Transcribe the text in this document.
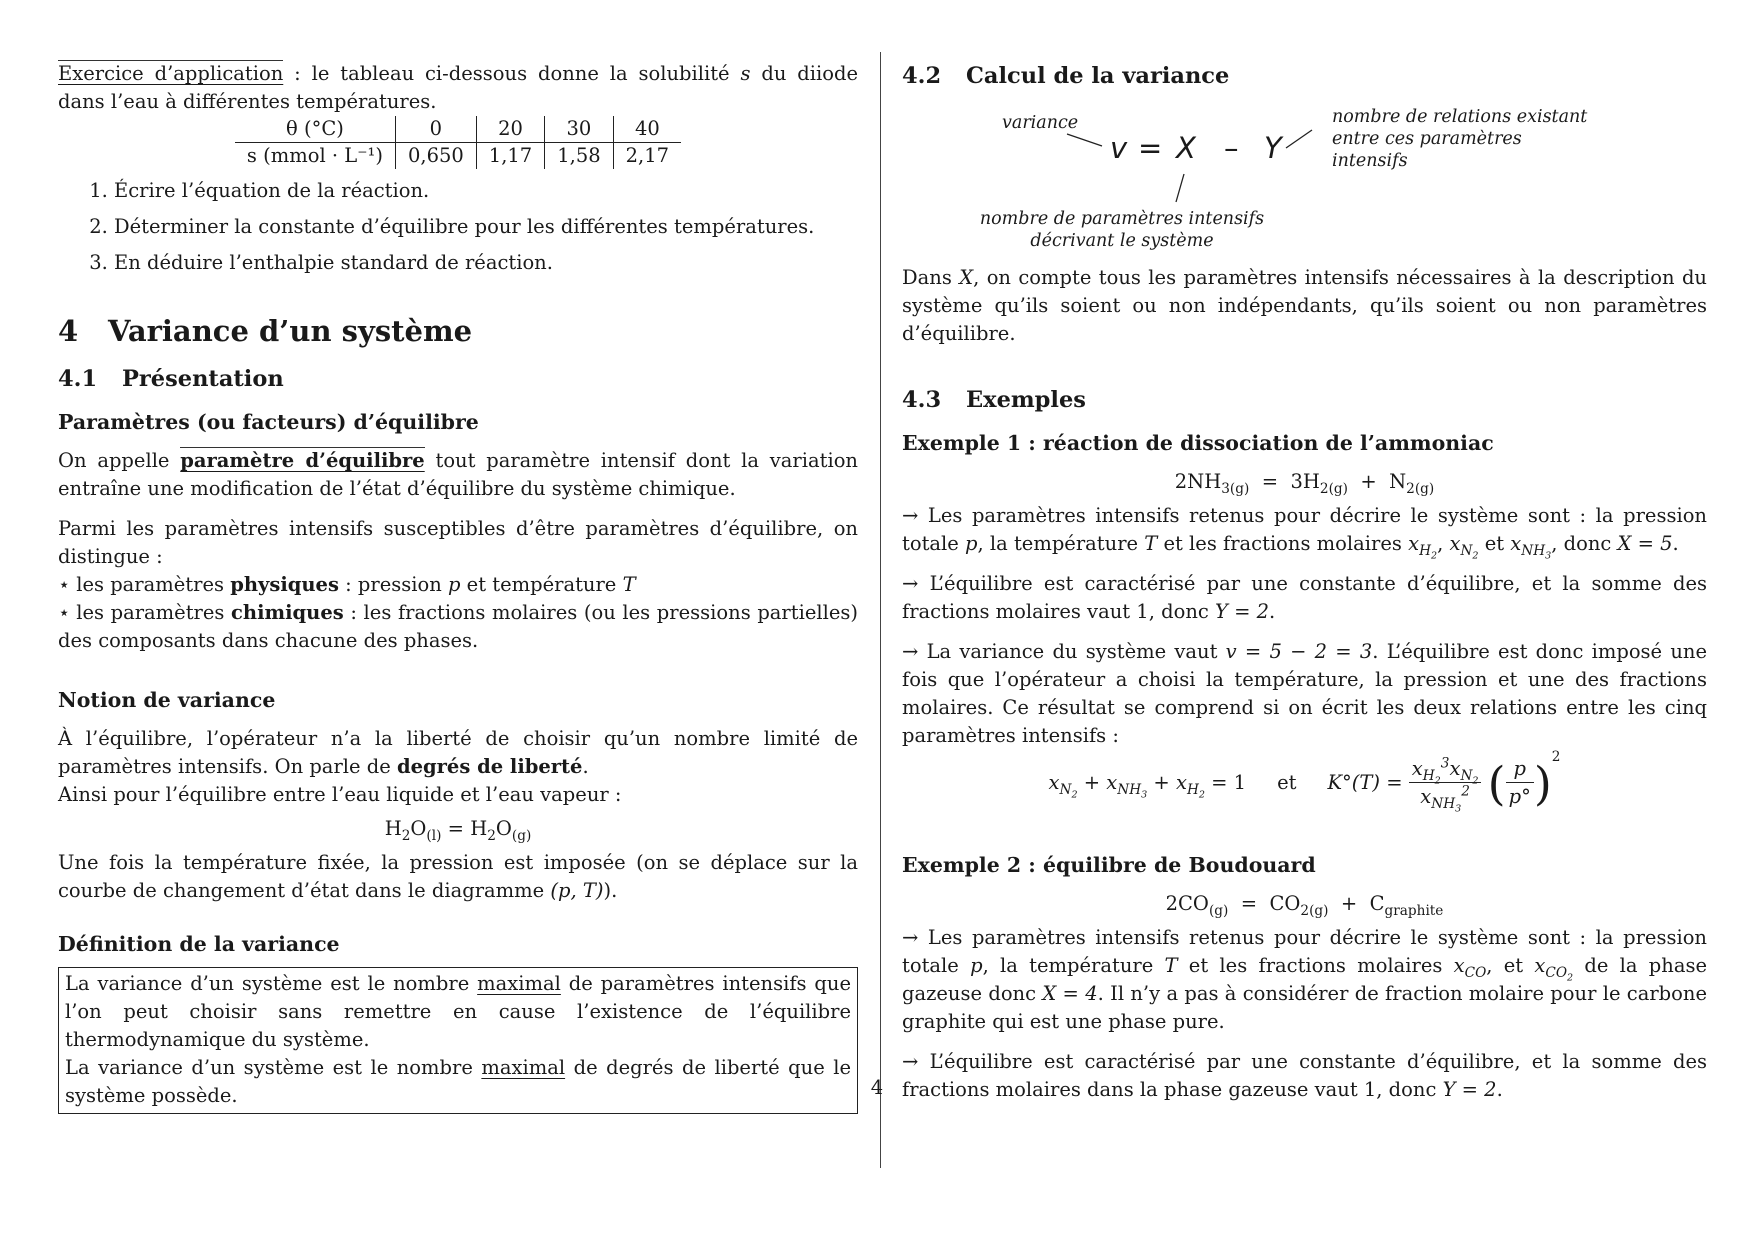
Exercice d’application : le tableau ci-dessous donne la solubilité s du diiode dans l’eau à différentes températures.

θ (°C)	0	20	30	40
s (mmol · L⁻¹)	0,650	1,17	1,58	2,17
1. Écrire l’équation de la réaction.
2. Déterminer la constante d’équilibre pour les différentes températures.
3. En déduire l’enthalpie standard de réaction.
4 Variance d’un système
4.1 Présentation
Paramètres (ou facteurs) d’équilibre

On appelle paramètre d’équilibre tout paramètre intensif dont la variation entraîne une modification de l’état d’équilibre du système chimique.

Parmi les paramètres intensifs susceptibles d’être paramètres d’équilibre, on distingue :

⋆ les paramètres physiques : pression p et température T

⋆ les paramètres chimiques : les fractions molaires (ou les pressions partielles) des composants dans chacune des phases.

Notion de variance

À l’équilibre, l’opérateur n’a la liberté de choisir qu’un nombre limité de paramètres intensifs. On parle de degrés de liberté.

Ainsi pour l’équilibre entre l’eau liquide et l’eau vapeur :

$H_2O_{(l)} = H_2O_{(g)}$

Une fois la température fixée, la pression est imposée (on se déplace sur la courbe de changement d’état dans le diagramme (p, T)).

Définition de la variance

La variance d’un système est le nombre maximal de paramètres intensifs que l’on peut choisir sans remettre en cause l’existence de l’équilibre thermodynamique du système.

La variance d’un système est le nombre maximal de degrés de liberté que le système possède.

4.2 Calcul de la variance
variance	nombre de relations existant entre ces paramètres intensifs
nombre de paramètres intensifs décrivant le système
v = X – Y

Dans X, on compte tous les paramètres intensifs nécessaires à la description du système qu’ils soient ou non indépendants, qu’ils soient ou non paramètres d’équilibre.

4.3 Exemples
Exemple 1 : réaction de dissociation de l’ammoniac

$2NH_{3(g)} = 3H_{2(g)} + N_{2(g)}$

→ Les paramètres intensifs retenus pour décrire le système sont : la pression totale p, la température T et les fractions molaires $x_{H_2}$, $x_{N_2}$ et $x_{NH_3}$, donc X = 5.

→ L’équilibre est caractérisé par une constante d’équilibre, et la somme des fractions molaires vaut 1, donc Y = 2.

→ La variance du système vaut v = 5 − 2 = 3. L’équilibre est donc imposé une fois que l’opérateur a choisi la température, la pression et une des fractions molaires. Ce résultat se comprend si on écrit les deux relations entre les cinq paramètres intensifs :

$x_{N_2} + x_{NH_3} + x_{H_2} = 1$ et $K^\circ(T) = \frac{x_{H_2}^3x_{N_2}}{x_{NH_3}^2}$ ( $\frac{p}{p^\circ} )^2$
Exemple 2 : équilibre de Boudouard

$2CO_{(g)} = CO_{2(g)} + C_{graphite}$

→ Les paramètres intensifs retenus pour décrire le système sont : la pression totale p, la température T et les fractions molaires $x_{CO}$, et $x_{CO_2}$ de la phase gazeuse donc X = 4. Il n’y a pas à considérer de fraction molaire pour le carbone graphite qui est une phase pure.

→ L’équilibre est caractérisé par une constante d’équilibre, et la somme des fractions molaires dans la phase gazeuse vaut 1, donc Y = 2.

4
